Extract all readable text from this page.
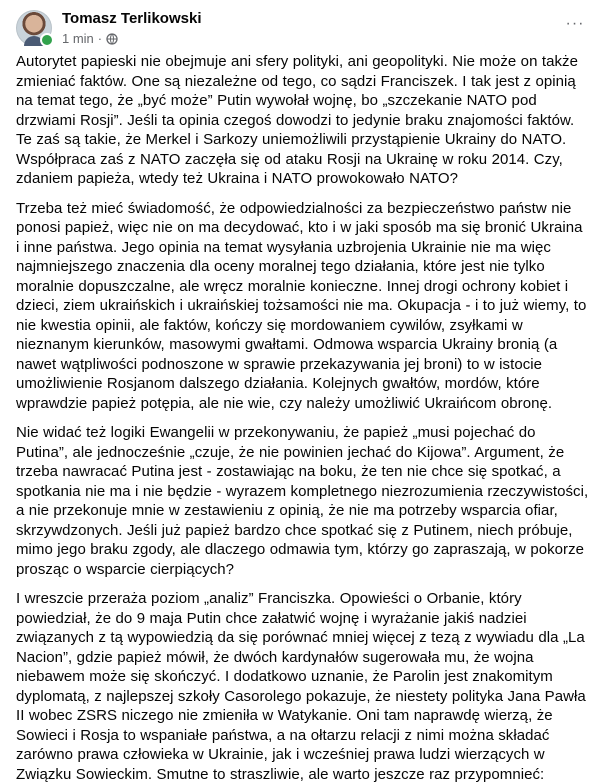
Tomasz Terlikowski
1 min ·
···

Autorytet papieski nie obejmuje ani sfery polityki, ani geopolityki. Nie może on także zmieniać faktów. One są niezależne od tego, co sądzi Franciszek. I tak jest z opinią na temat tego, że „być może” Putin wywołał wojnę, bo „szczekanie NATO pod drzwiami Rosji”. Jeśli ta opinia czegoś dowodzi to jedynie braku znajomości faktów. Te zaś są takie, że Merkel i Sarkozy uniemożliwili przystąpienie Ukrainy do NATO. Współpraca zaś z NATO zaczęła się od ataku Rosji na Ukrainę w roku 2014. Czy, zdaniem papieża, wtedy też Ukraina i NATO prowokowało NATO?

Trzeba też mieć świadomość, że odpowiedzialności za bezpieczeństwo państw nie ponosi papież, więc nie on ma decydować, kto i w jaki sposób ma się bronić Ukraina i inne państwa. Jego opinia na temat wysyłania uzbrojenia Ukrainie nie ma więc najmniejszego znaczenia dla oceny moralnej tego działania, które jest nie tylko moralnie dopuszczalne, ale wręcz moralnie konieczne. Innej drogi ochrony kobiet i dzieci, ziem ukraińskich i ukraińskiej tożsamości nie ma. Okupacja - i to już wiemy, to nie kwestia opinii, ale faktów, kończy się mordowaniem cywilów, zsyłkami w nieznanym kierunków, masowymi gwałtami. Odmowa wsparcia Ukrainy bronią (a nawet wątpliwości podnoszone w sprawie przekazywania jej broni) to w istocie umożliwienie Rosjanom dalszego działania. Kolejnych gwałtów, mordów, które wprawdzie papież potępia, ale nie wie, czy należy umożliwić Ukraińcom obronę.

Nie widać też logiki Ewangelii w przekonywaniu, że papież „musi pojechać do Putina”, ale jednocześnie „czuje, że nie powinien jechać do Kijowa”. Argument, że trzeba nawracać Putina jest - zostawiając na boku, że ten nie chce się spotkać, a spotkania nie ma i nie będzie - wyrazem kompletnego niezrozumienia rzeczywistości, a nie przekonuje mnie w zestawieniu z opinią, że nie ma potrzeby wsparcia ofiar, skrzywdzonych. Jeśli już papież bardzo chce spotkać się z Putinem, niech próbuje, mimo jego braku zgody, ale dlaczego odmawia tym, którzy go zapraszają, w pokorze prosząc o wsparcie cierpiących?

I wreszcie przeraża poziom „analiz” Franciszka. Opowieści o Orbanie, który powiedział, że do 9 maja Putin chce załatwić wojnę i wyrażanie jakiś nadziei związanych z tą wypowiedzią da się porównać mniej więcej z tezą z wywiadu dla „La Nacion”, gdzie papież mówił, że dwóch kardynałów sugerowała mu, że wojna niebawem może się skończyć. I dodatkowo uznanie, że Parolin jest znakomitym dyplomatą, z najlepszej szkoły Casorolego pokazuje, że niestety polityka Jana Pawła II wobec ZSRS niczego nie zmieniła w Watykanie. Oni tam naprawdę wierzą, że Sowieci i Rosja to wspaniałe państwa, a na ołtarzu relacji z nimi można składać zarówno prawa człowieka w Ukrainie, jak i wcześniej prawa ludzi wierzących w Związku Sowieckim. Smutne to straszliwie, ale warto jeszcze raz przypomnieć:
